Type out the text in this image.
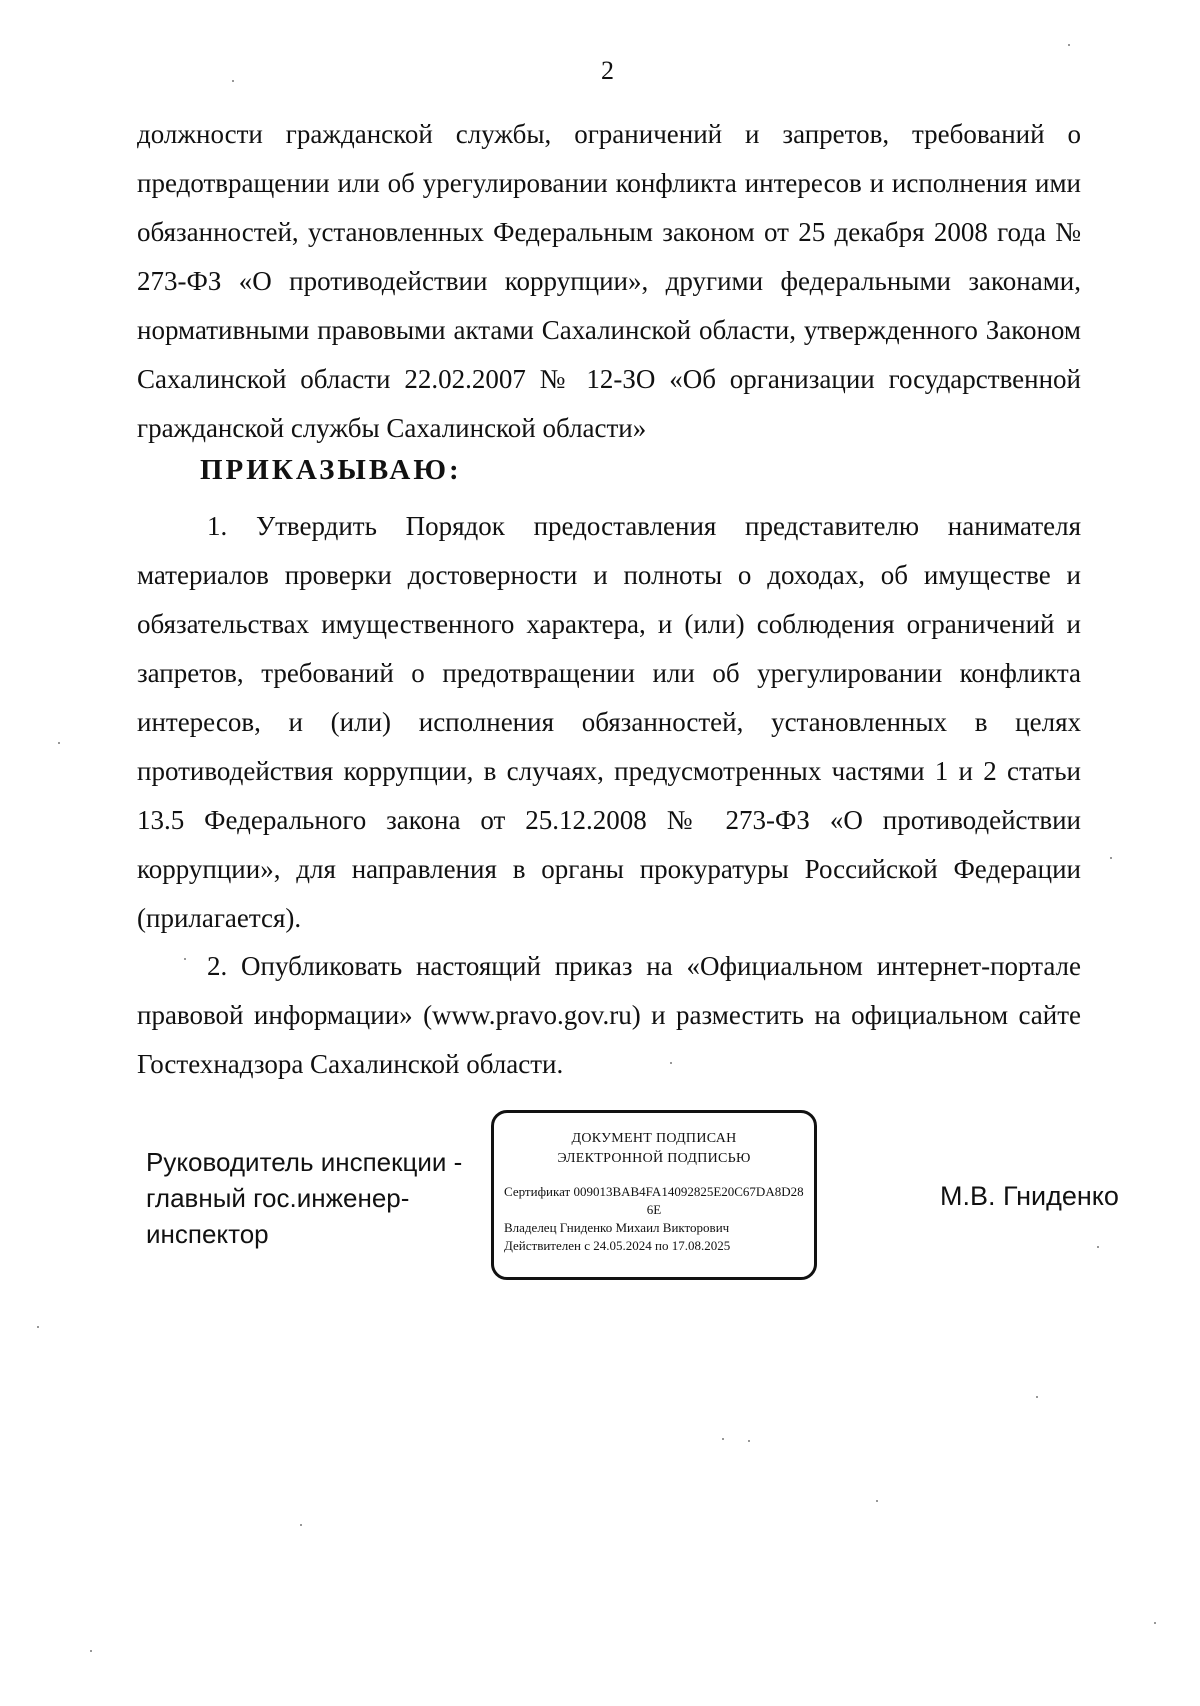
2

должности гражданской службы, ограничений и запретов, требований о предотвращении или об урегулировании конфликта интересов и исполнения ими обязанностей, установленных Федеральным законом от 25 декабря 2008 года № 273-ФЗ «О противодействии коррупции», другими федеральными законами, нормативными правовыми актами Сахалинской области, утвержденного Законом Сахалинской области 22.02.2007 № 12-ЗО «Об организации государственной гражданской службы Сахалинской области»

ПРИКАЗЫВАЮ:

1. Утвердить Порядок предоставления представителю нанимателя материалов проверки достоверности и полноты о доходах, об имуществе и обязательствах имущественного характера, и (или) соблюдения ограничений и запретов, требований о предотвращении или об урегулировании конфликта интересов, и (или) исполнения обязанностей, установленных в целях противодействия коррупции, в случаях, предусмотренных частями 1 и 2 статьи 13.5 Федерального закона от 25.12.2008 № 273-ФЗ «О противодействии коррупции», для направления в органы прокуратуры Российской Федерации (прилагается).

2. Опубликовать настоящий приказ на «Официальном интернет-портале правовой информации» (www.pravo.gov.ru) и разместить на официальном сайте Гостехнадзора Сахалинской области.

Руководитель инспекции -
главный гос.инженер-
инспектор
ДОКУМЕНТ ПОДПИСАН
ЭЛЕКТРОННОЙ ПОДПИСЬЮ
Сертификат 009013BAB4FA14092825E20C67DA8D28
6E
Владелец Гниденко Михаил Викторович
Действителен с 24.05.2024 по 17.08.2025
М.В. Гниденко
